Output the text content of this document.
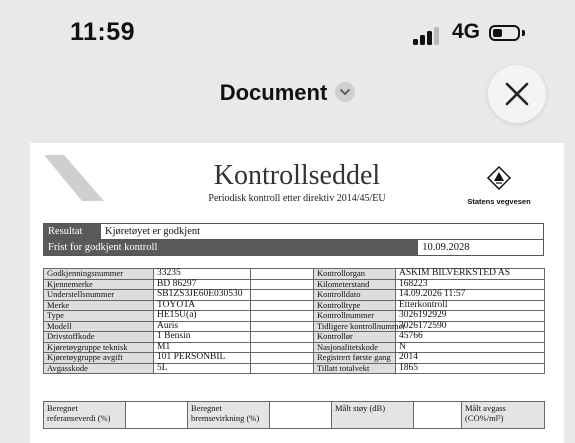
11:59	4G
Document
Kontrollseddel
Periodisk kontroll etter direktiv 2014/45/EU	Statens vegvesen
Resultat	Kjøretøyet er godkjent	
Frist for godkjent kontroll		10.09.2028
Godkjenningsnummer	33235		Kontrollorgan	ASKIM BILVERKSTED AS
Kjennemerke	BD 86297		Kilometerstand	168223
Understellsnummer	SB1ZS3JE60E030530		Kontrolldato	14.09.2026 11:57
Merke	TOYOTA		Kontrolltype	Etterkontroll
Type	HE15U(a)		Kontrollnummer	3026192929
Modell	Auris		Tidligere kontrollnummer	3026172590
Drivstoffkode	1 Bensin		Kontrollør	45766
Kjøretøygruppe teknisk	M1		Nasjonalitetskode	N
Kjøretøygruppe avgift	101 PERSONBIL		Registrert første gang	2014
Avgasskode	5L		Tillatt totalvekt	1865
Beregnet referanseverdi (%)		Beregnet bremsevirkning (%)		Målt støy (dB)		Målt avgass (CO%/ml²)
